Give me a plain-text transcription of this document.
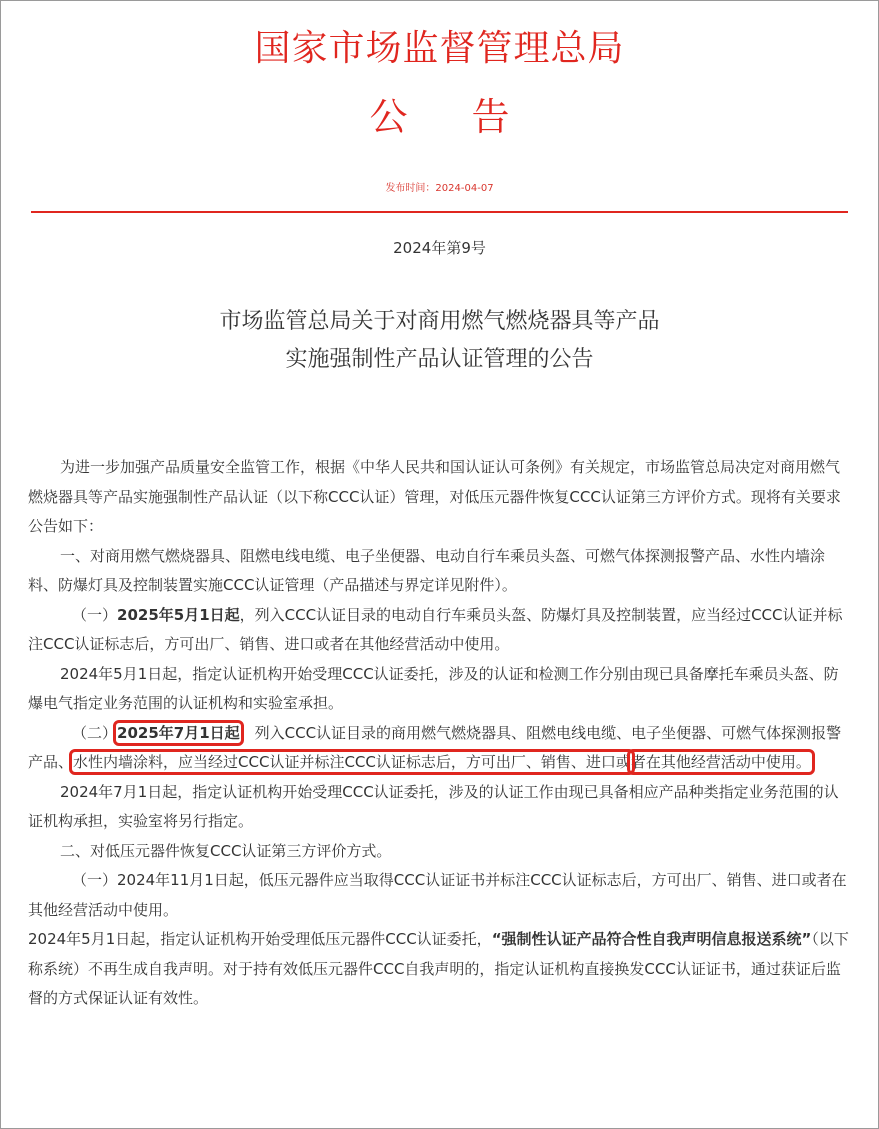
国家市场监督管理总局
公告
发布时间：2024-04-07
2024年第9号
市场监管总局关于对商用燃气燃烧器具等产品
实施强制性产品认证管理的公告

为进一步加强产品质量安全监管工作，根据《中华人民共和国认证认可条例》有关规定，市场监管总局决定对商用燃气燃烧器具等产品实施强制性产品认证（以下称CCC认证）管理，对低压元器件恢复CCC认证第三方评价方式。现将有关要求公告如下：

一、对商用燃气燃烧器具、阻燃电线电缆、电子坐便器、电动自行车乘员头盔、可燃气体探测报警产品、水性内墙涂料、防爆灯具及控制装置实施CCC认证管理（产品描述与界定详见附件）。

（一）2025年5月1日起，列入CCC认证目录的电动自行车乘员头盔、防爆灯具及控制装置，应当经过CCC认证并标注CCC认证标志后，方可出厂、销售、进口或者在其他经营活动中使用。

2024年5月1日起，指定认证机构开始受理CCC认证委托，涉及的认证和检测工作分别由现已具备摩托车乘员头盔、防爆电气指定业务范围的认证机构和实验室承担。

（二）2025年7月1日起，列入CCC认证目录的商用燃气燃烧器具、阻燃电线电缆、电子坐便器、可燃气体探测报警产品、水性内墙涂料，应当经过CCC认证并标注CCC认证标志后，方可出厂、销售、进口或者在其他经营活动中使用。

2024年7月1日起，指定认证机构开始受理CCC认证委托，涉及的认证工作由现已具备相应产品种类指定业务范围的认证机构承担，实验室将另行指定。

二、对低压元器件恢复CCC认证第三方评价方式。

（一）2024年11月1日起，低压元器件应当取得CCC认证证书并标注CCC认证标志后，方可出厂、销售、进口或者在其他经营活动中使用。

2024年5月1日起，指定认证机构开始受理低压元器件CCC认证委托，“强制性认证产品符合性自我声明信息报送系统”（以下称系统）不再生成自我声明。对于持有效低压元器件CCC自我声明的，指定认证机构直接换发CCC认证证书，通过获证后监督的方式保证认证有效性。
